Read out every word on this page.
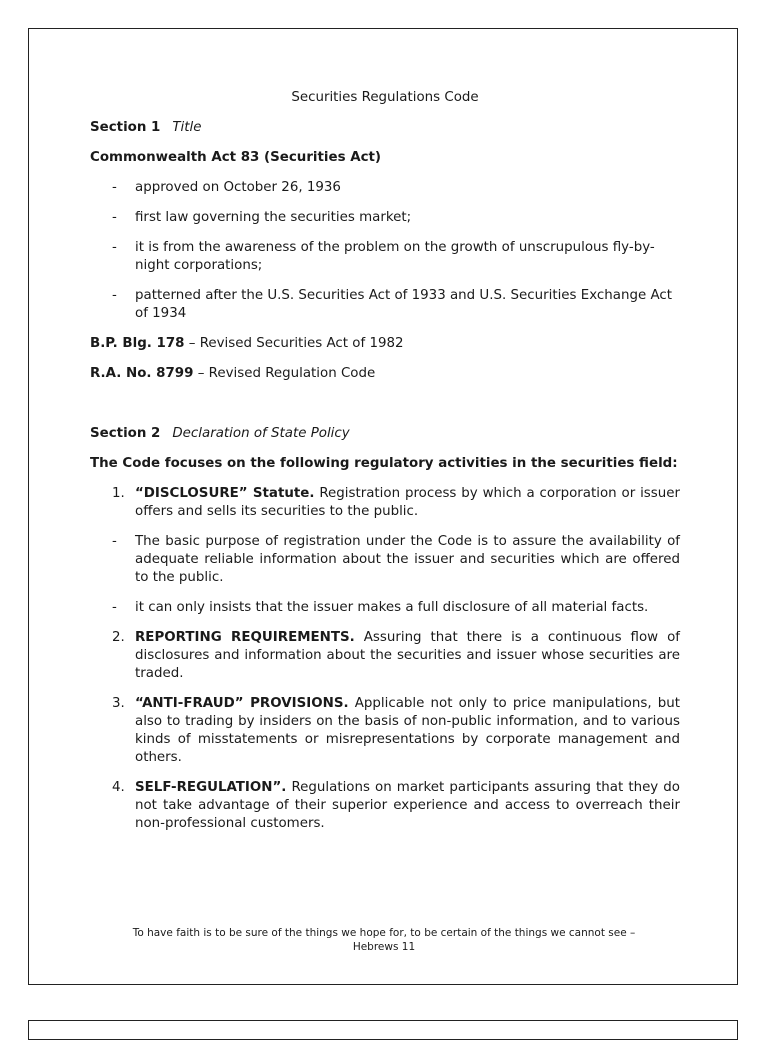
Securities Regulations Code
Section 1 Title
Commonwealth Act 83 (Securities Act)
- approved on October 26, 1936
- first law governing the securities market;
- it is from the awareness of the problem on the growth of unscrupulous fly-by-night corporations;
- patterned after the U.S. Securities Act of 1933 and U.S. Securities Exchange Act of 1934
B.P. Blg. 178 – Revised Securities Act of 1982
R.A. No. 8799 – Revised Regulation Code
Section 2 Declaration of State Policy
The Code focuses on the following regulatory activities in the securities field:
1. “DISCLOSURE” Statute. Registration process by which a corporation or issuer offers and sells its securities to the public.
- The basic purpose of registration under the Code is to assure the availability of adequate reliable information about the issuer and securities which are offered to the public.
- it can only insists that the issuer makes a full disclosure of all material facts.
2. REPORTING REQUIREMENTS. Assuring that there is a continuous flow of disclosures and information about the securities and issuer whose securities are traded.
3. “ANTI-FRAUD” PROVISIONS. Applicable not only to price manipulations, but also to trading by insiders on the basis of non-public information, and to various kinds of misstatements or misrepresentations by corporate management and others.
4. SELF-REGULATION”. Regulations on market participants assuring that they do not take advantage of their superior experience and access to overreach their non-professional customers.
To have faith is to be sure of the things we hope for, to be certain of the things we cannot see –
Hebrews 11
